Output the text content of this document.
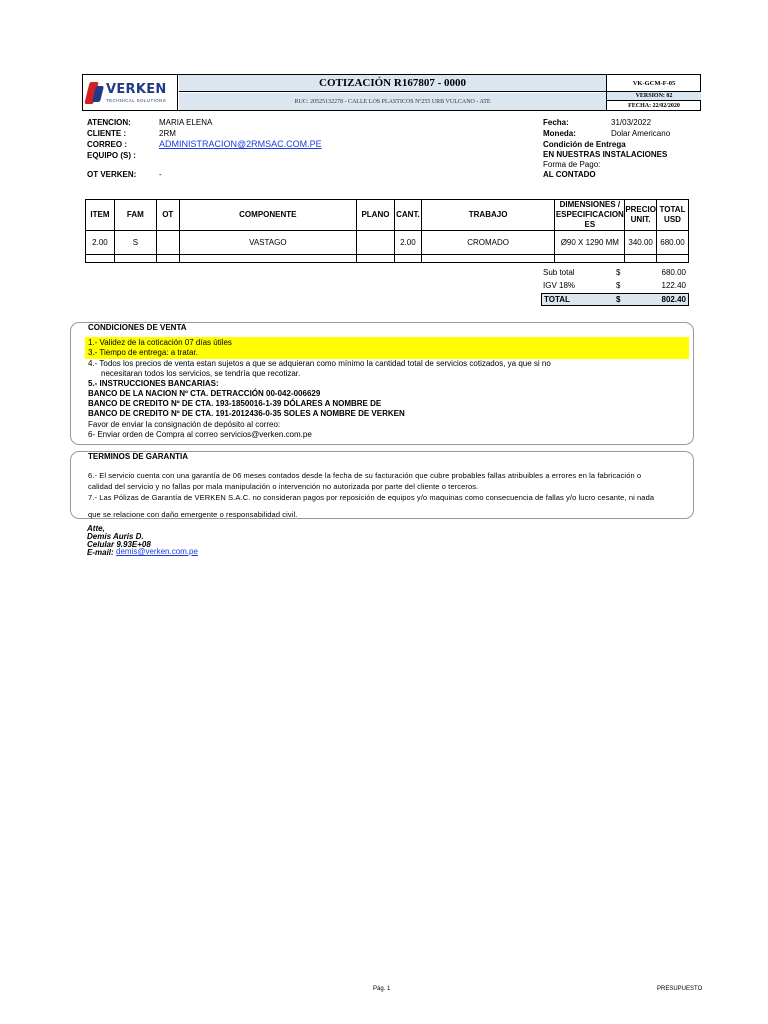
VERKEN
TECHNICAL SOLUTIONS
COTIZACIÓN R167807 - 0000
RUC: 20525132278 - CALLE LOS PLASTICOS Nº255 URB VULCANO - ATE
VK-GCM-F-05
VERSION: 02
FECHA: 22/02/2020
ATENCION:	MARIA ELENA
CLIENTE :	2RM
CORREO :	ADMINISTRACION@2RMSAC.COM.PE
EQUIPO (S) :
OT VERKEN:	-
Fecha:	31/03/2022
Moneda:	Dolar Americano
Condición de Entrega
EN NUESTRAS INSTALACIONES
Forma de Pago:
AL CONTADO
ITEM	FAM	OT	COMPONENTE	PLANO	CANT.	TRABAJO	DIMENSIONES / ESPECIFICACION ES	PRECIO UNIT.	TOTAL USD
2.00	S		VASTAGO		2.00	CROMADO	Ø90 X 1290 MM	340.00	680.00

Sub total	$	680.00
IGV 18%	$	122.40
TOTAL	$	802.40
CONDICIONES DE VENTA
1.- Validez de la coticación 07 días útiles
3.- Tiempo de entrega: a tratar.
4.- Todos los precios de venta estan sujetos a que se adquieran como mínimo la cantidad total de servicios cotizados, ya que si no
necesitaran todos los servicios, se tendría que recotizar.
5.- INSTRUCCIONES BANCARIAS:
BANCO DE LA NACION Nº CTA. DETRACCIÓN 00-042-006629
BANCO DE CREDITO Nº DE CTA. 193-1850016-1-39 DÓLARES A NOMBRE DE
BANCO DE CREDITO Nº DE CTA. 191-2012436-0-35 SOLES A NOMBRE DE VERKEN
Favor de enviar la consignación de depósito al correo:
6- Enviar orden de Compra al correo servicios@verken.com.pe
TERMINOS DE GARANTIA
6.- El servicio cuenta con una garantía de 06 meses contados desde la fecha de su facturación que cubre probables fallas atribuibles a errores en la fabricación o
calidad del servicio y no fallas por mala manipulación o intervención no autorizada por parte del cliente o terceros.
7.- Las Pólizas de Garantía de VERKEN S.A.C. no consideran pagos por reposición de equipos y/o maquinas como consecuencia de fallas y/o lucro cesante, ni nada
que se relacione con daño emergente o responsabilidad civil.
Atte,
Demis Auris D.
Celular 9.93E+08
E-mail: demis@verken.com.pe
Pág. 1	PRESUPUESTO
